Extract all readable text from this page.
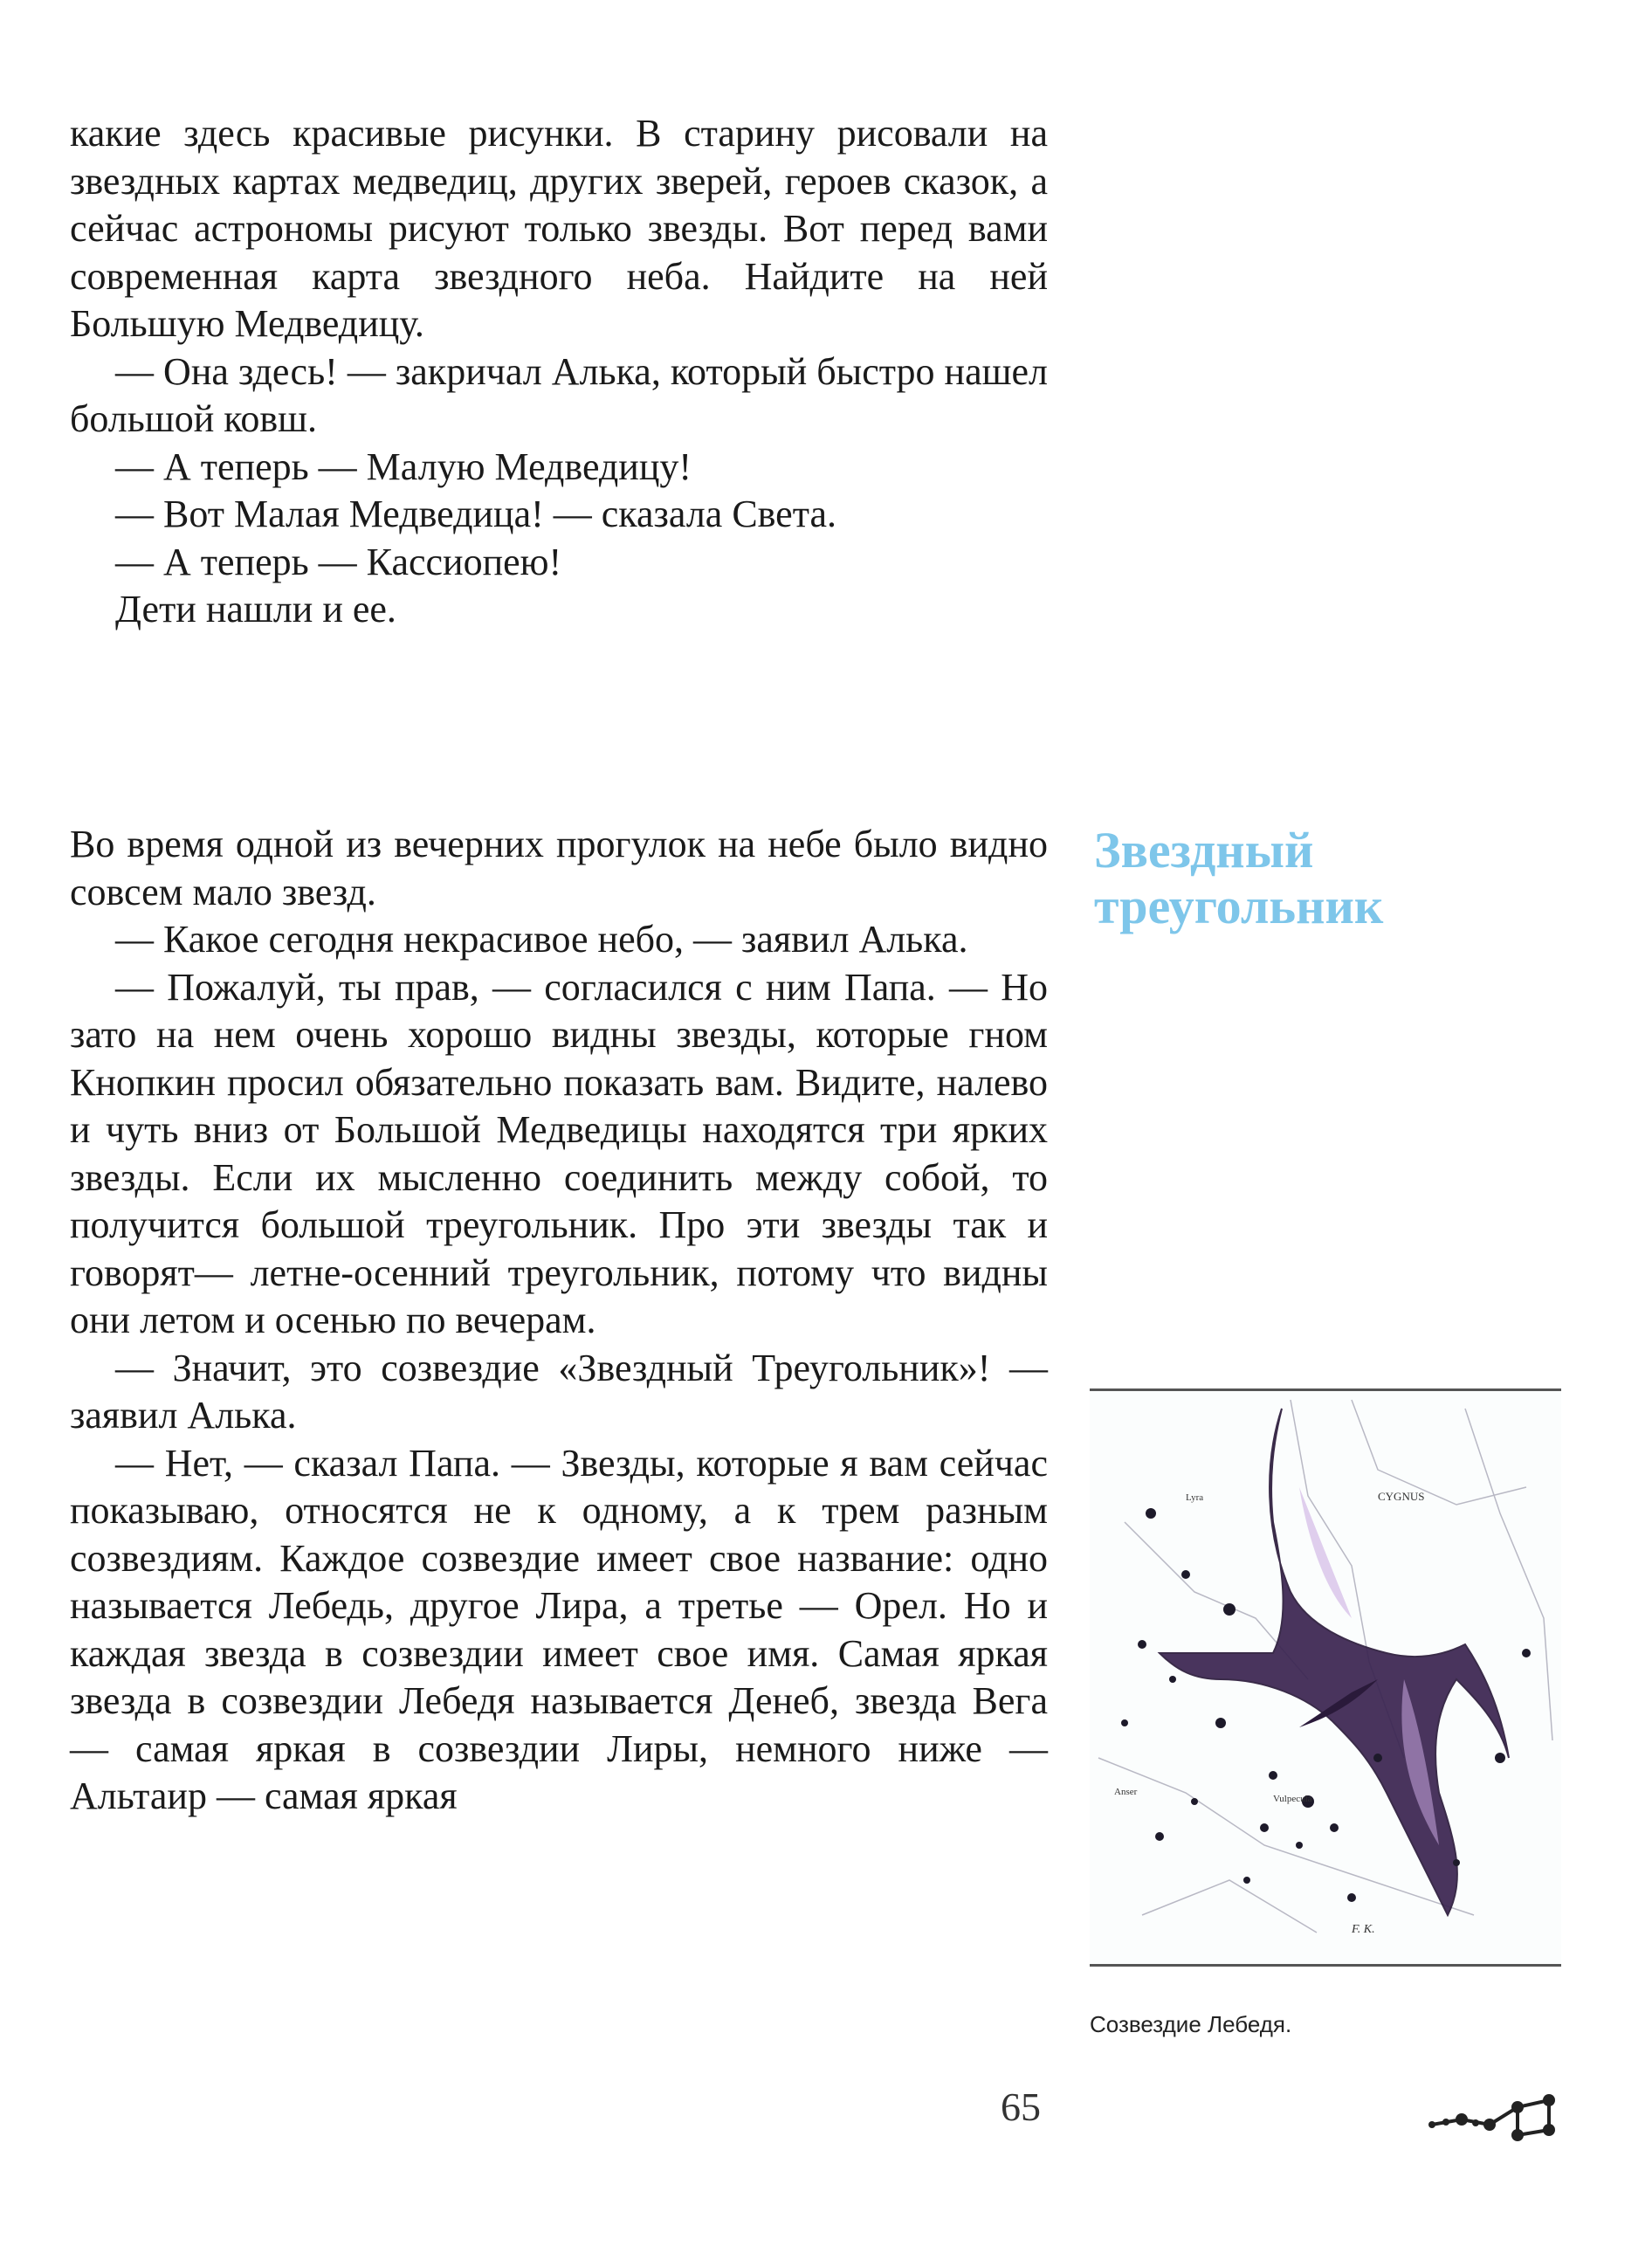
какие здесь красивые рисунки. В старину рисовали на звездных картах медведиц, других зверей, героев сказок, а сейчас астрономы рисуют только звезды. Вот перед вами современная карта звездного неба. Найдите на ней Большую Медведицу.

— Она здесь! — закричал Алька, который быстро нашел большой ковш.

— А теперь — Малую Медведицу!

— Вот Малая Медведица! — сказала Света.

— А теперь — Кассиопею!

Дети нашли и ее.

Звездный треугольник

Во время одной из вечерних прогулок на небе было видно совсем мало звезд.

— Какое сегодня некрасивое небо, — заявил Алька.

— Пожалуй, ты прав, — согласился с ним Папа. — Но зато на нем очень хорошо видны звезды, которые гном Кнопкин просил обязательно показать вам. Видите, налево и чуть вниз от Большой Медведицы находятся три ярких звезды. Если их мысленно соединить между собой, то получится большой треугольник. Про эти звезды так и говорят— летне-осенний треугольник, потому что видны они летом и осенью по вечерам.

— Значит, это созвездие «Звездный Треугольник»! — заявил Алька.

— Нет, — сказал Папа. — Звезды, которые я вам сейчас показываю, относятся не к одному, а к трем разным созвездиям. Каждое созвездие имеет свое название: одно называется Лебедь, другое Лира, а третье — Орел. Но и каждая звезда в созвездии имеет свое имя. Самая яркая звезда в созвездии Лебедя называется Денеб, звезда Вега — самая яркая в созвездии Лиры, немного ниже — Альтаир — самая яркая

Lyra	CYGNUS
Vulpecula
Anser
F. K.
Созвездие Лебедя.
65
